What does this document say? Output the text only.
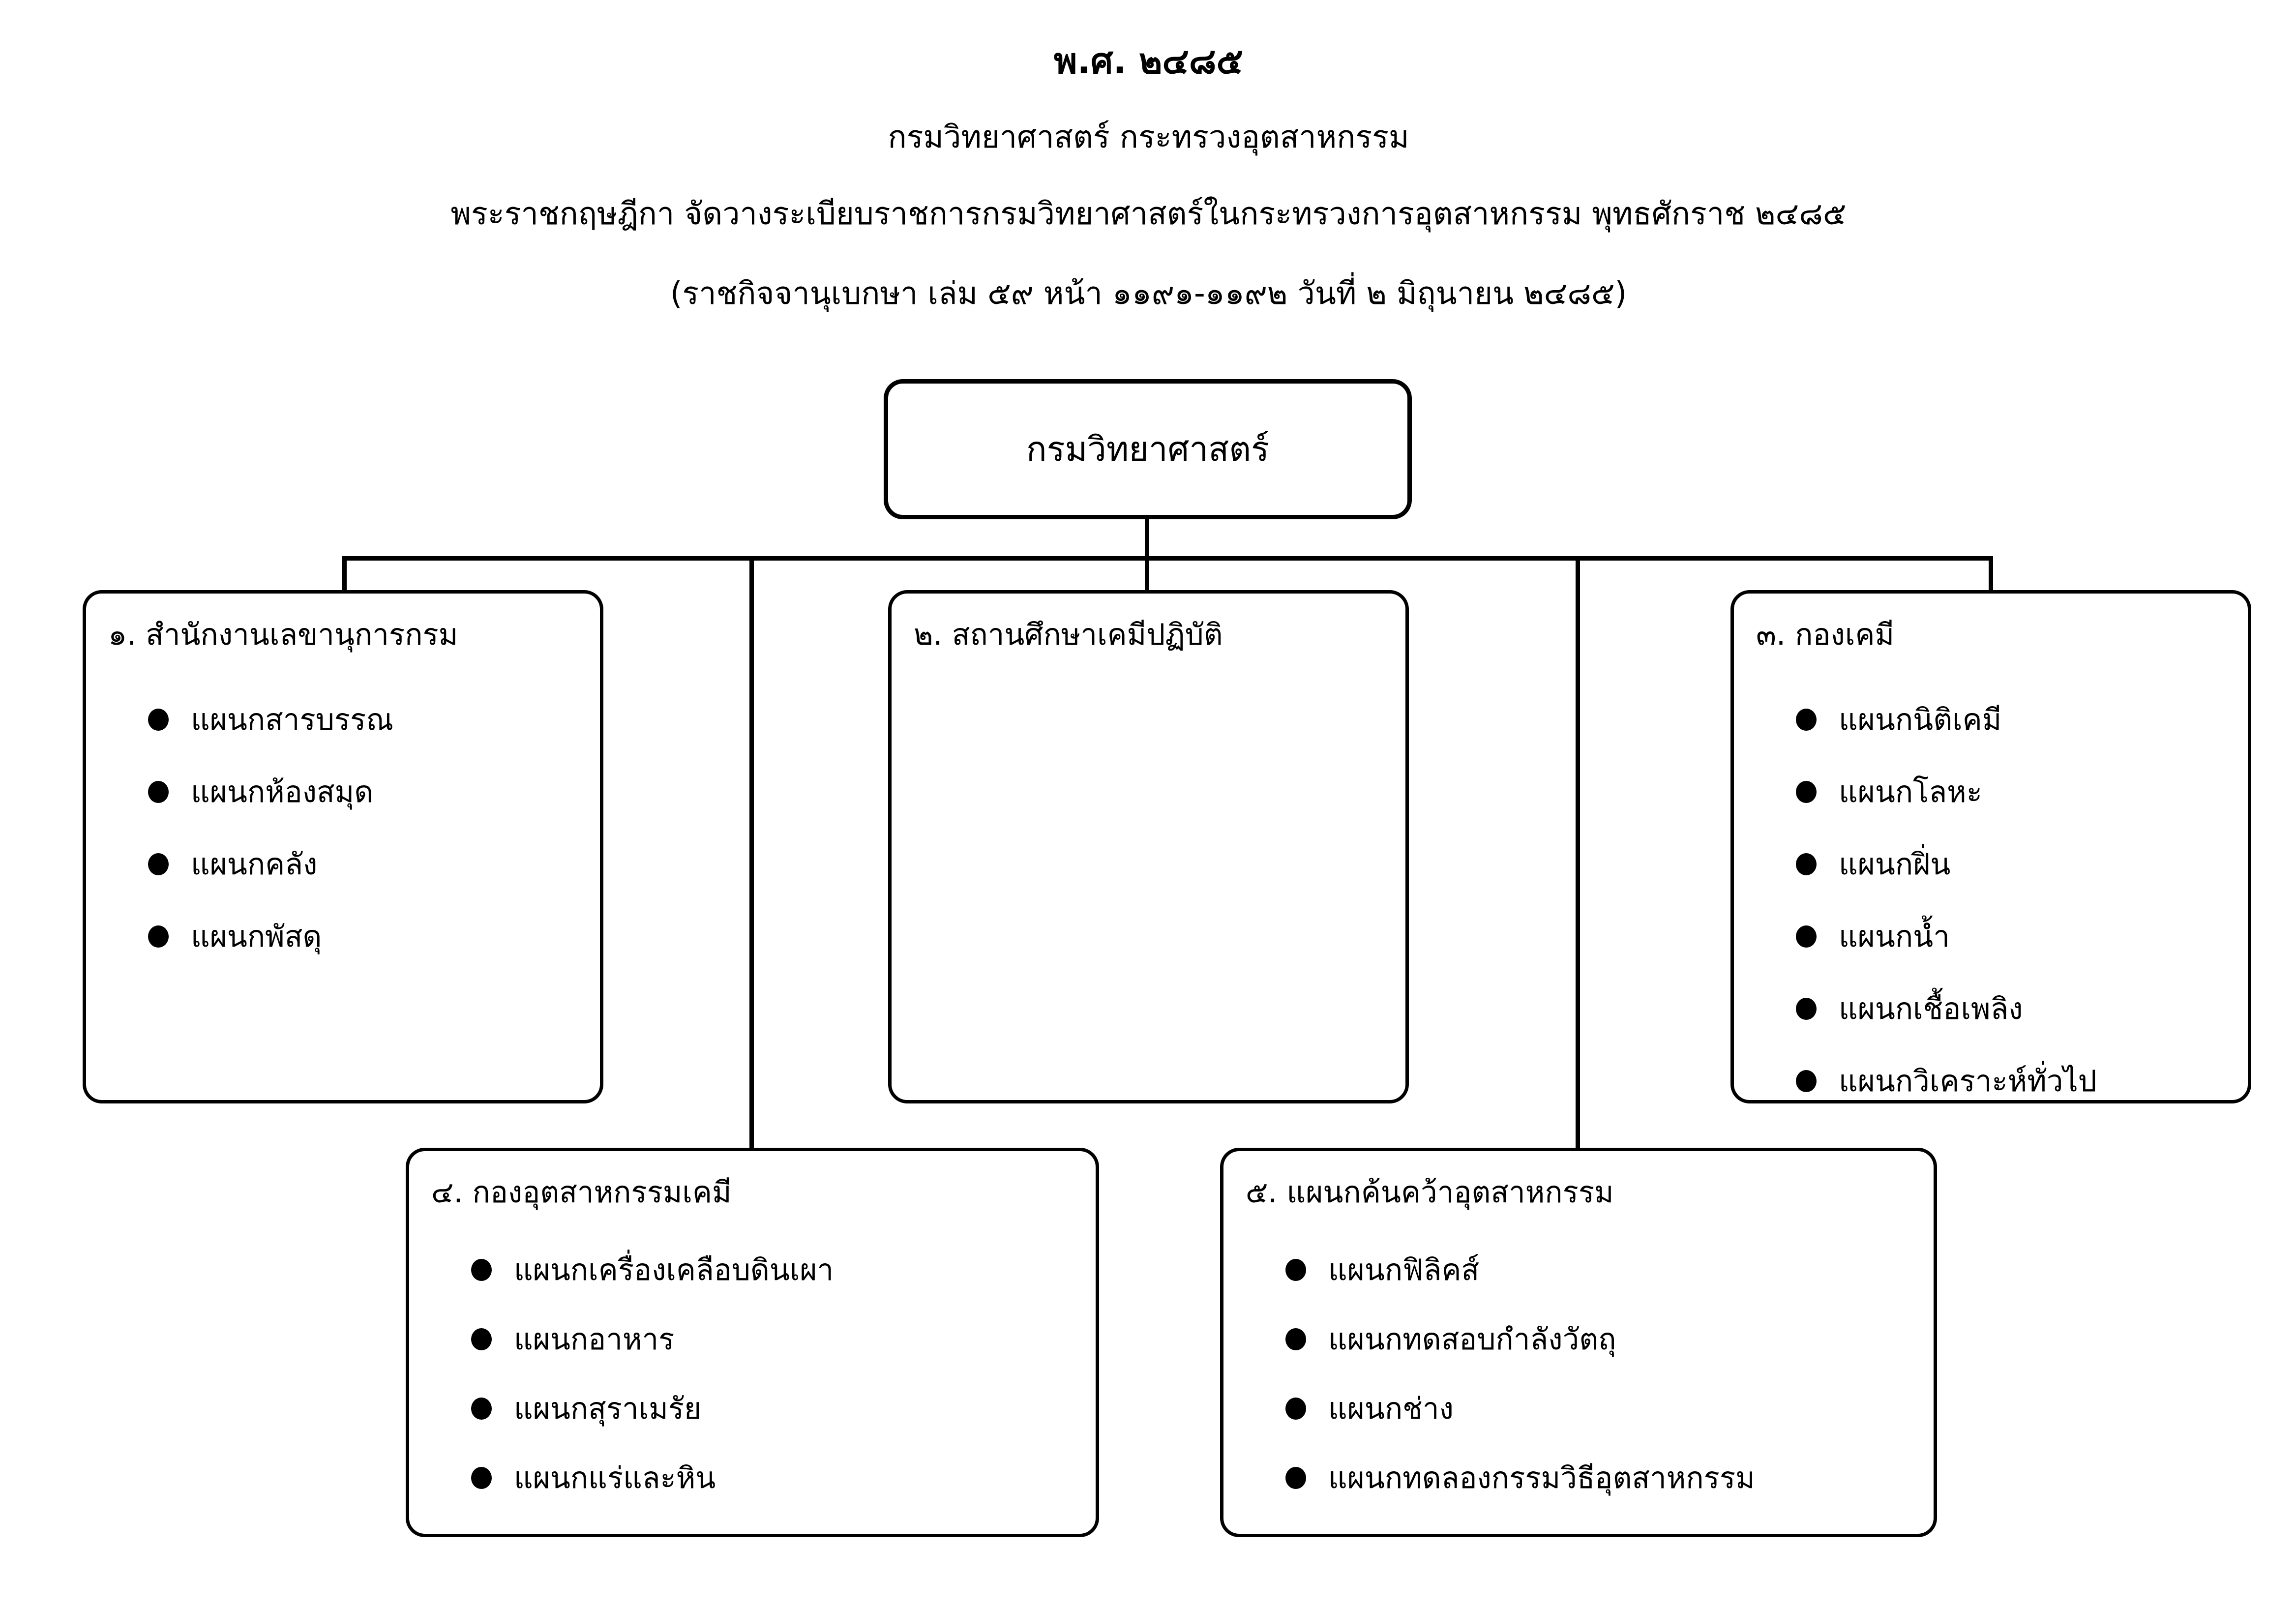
พ.ศ. ๒๔๘๕
กรมวิทยาศาสตร์ กระทรวงอุตสาหกรรม
พระราชกฤษฎีกา จัดวางระเบียบราชการกรมวิทยาศาสตร์ในกระทรวงการอุตสาหกรรม พุทธศักราช ๒๔๘๕
(ราชกิจจานุเบกษา เล่ม ๕๙ หน้า ๑๑๙๑-๑๑๙๒ วันที่ ๒ มิถุนายน ๒๔๘๕)
กรมวิทยาศาสตร์
๑. สำนักงานเลขานุการกรม
แผนกสารบรรณ
แผนกห้องสมุด
แผนกคลัง
แผนกพัสดุ
๒. สถานศึกษาเคมีปฏิบัติ	๓. กองเคมี
แผนกนิติเคมี
แผนกโลหะ
แผนกฝิ่น
แผนกน้ำ
แผนกเชื้อเพลิง
แผนกวิเคราะห์ทั่วไป
๔. กองอุตสาหกรรมเคมี
แผนกเครื่องเคลือบดินเผา
แผนกอาหาร
แผนกสุราเมรัย
แผนกแร่และหิน
๕. แผนกค้นคว้าอุตสาหกรรม
แผนกฟิลิคส์
แผนกทดสอบกำลังวัตถุ
แผนกช่าง
แผนกทดลองกรรมวิธีอุตสาหกรรม
